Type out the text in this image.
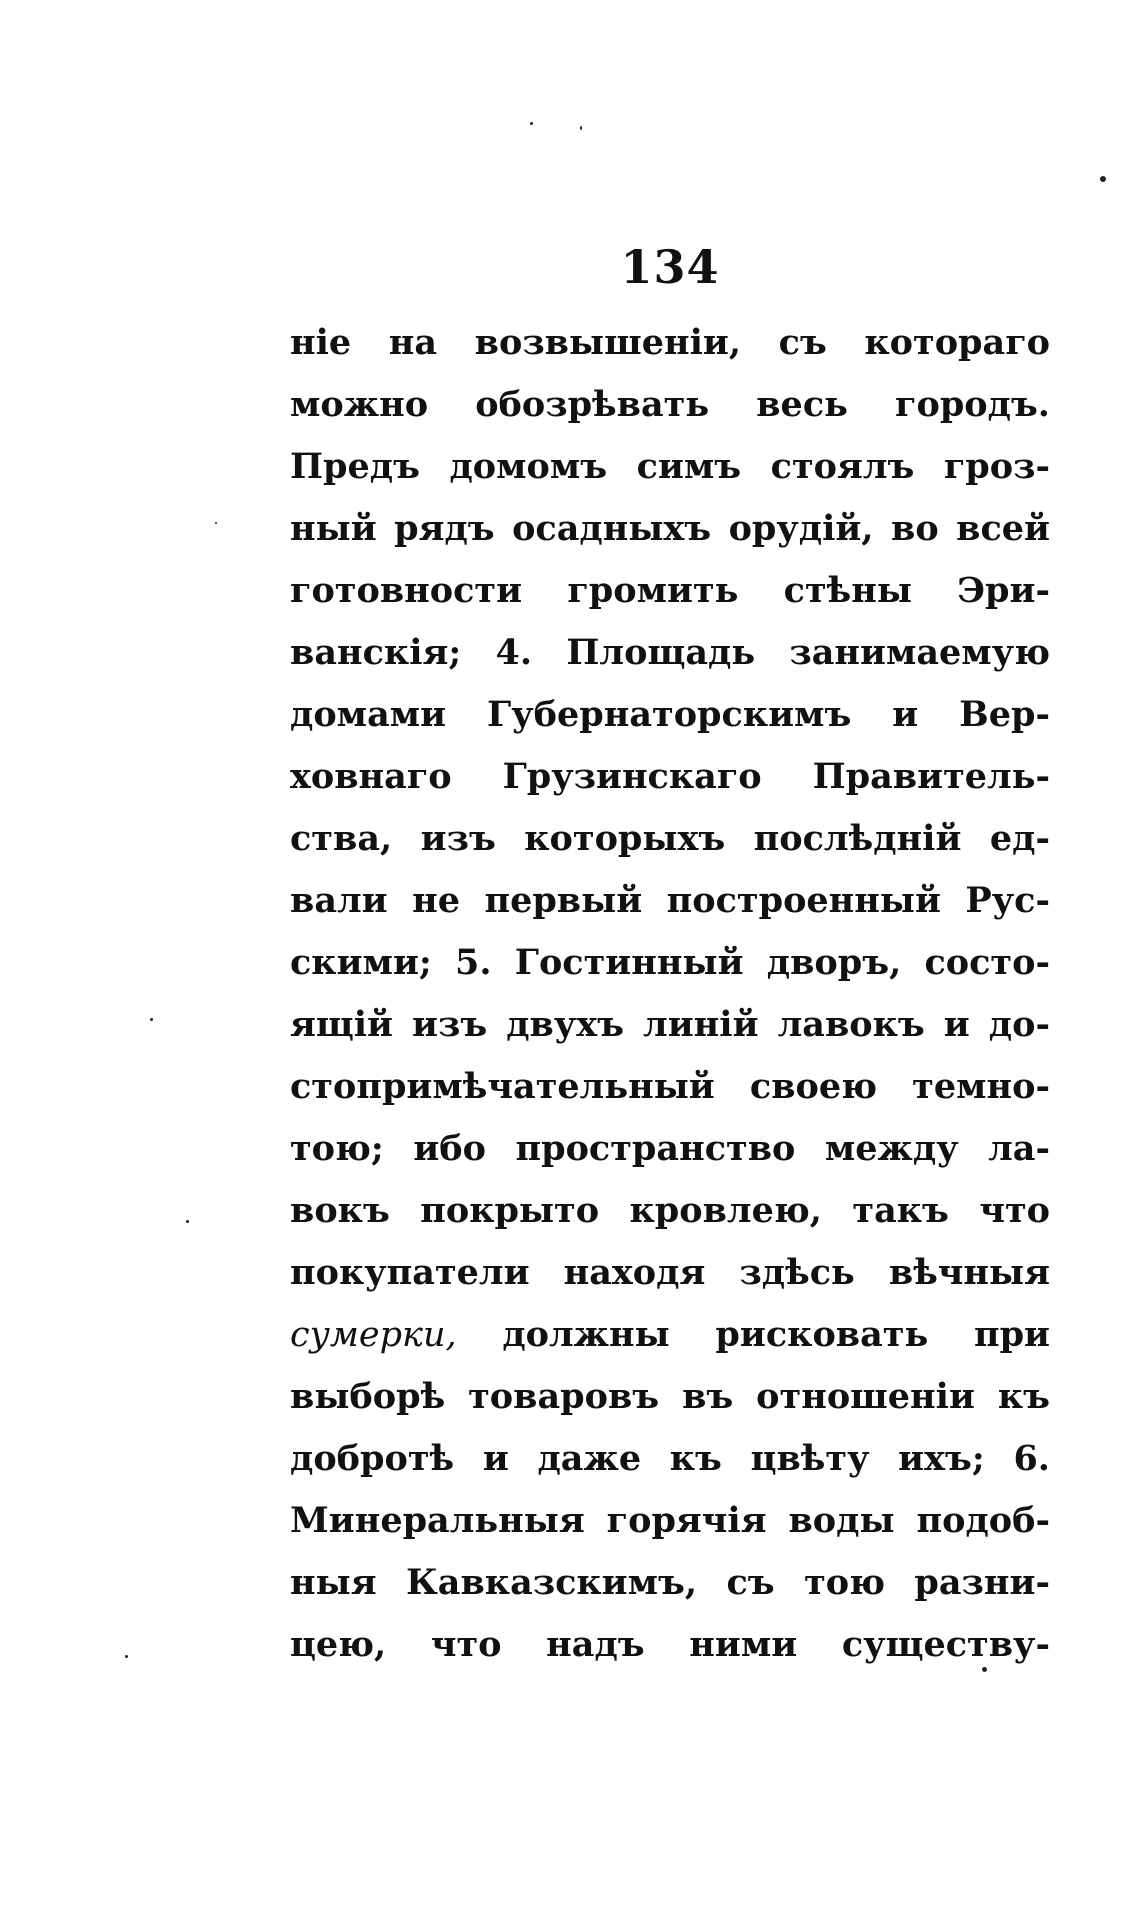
134
ніе на возвышеніи, съ котораго
можно обозрѣвать весь городъ.
Предъ домомъ симъ стоялъ гроз-
ный рядъ осадныхъ орудій, во всей
готовности громить стѣны Эри-
ванскія; 4. Площадь занимаемую
домами Губернаторскимъ и Вер-
ховнаго Грузинскаго Правитель-
ства, изъ которыхъ послѣдній ед-
вали не первый построенный Рус-
скими; 5. Гостинный дворъ, состо-
ящій изъ двухъ линій лавокъ и до-
стопримѣчательный своею темно-
тою; ибо пространство между ла-
вокъ покрыто кровлею, такъ что
покупатели находя здѣсь вѣчныя
сумерки, должны рисковать при
выборѣ товаровъ въ отношеніи къ
добротѣ и даже къ цвѣту ихъ; 6.
Минеральныя горячія воды подоб-
ныя Кавказскимъ, съ тою разни-
цею, что надъ ними существу-
